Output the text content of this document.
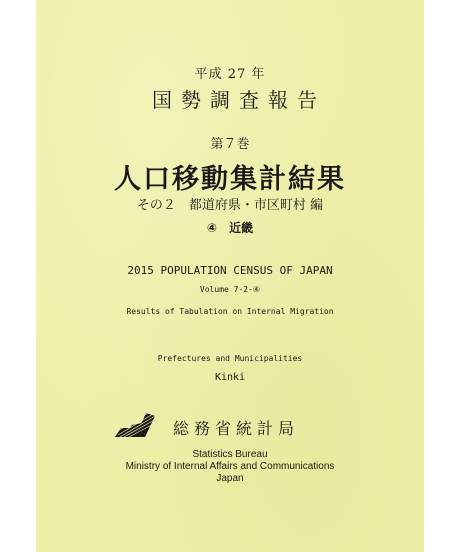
平成 27 年
国勢調査報告
第７巻
人口移動集計結果
その２　都道府県・市区町村 編
④　近畿
2015 POPULATION CENSUS OF JAPAN
Volume 7-2-④
Results of Tabulation on Internal Migration
Prefectures and Municipalities
Kinki
総務省統計局
Statistics Bureau
Ministry of Internal Affairs and Communications
Japan
